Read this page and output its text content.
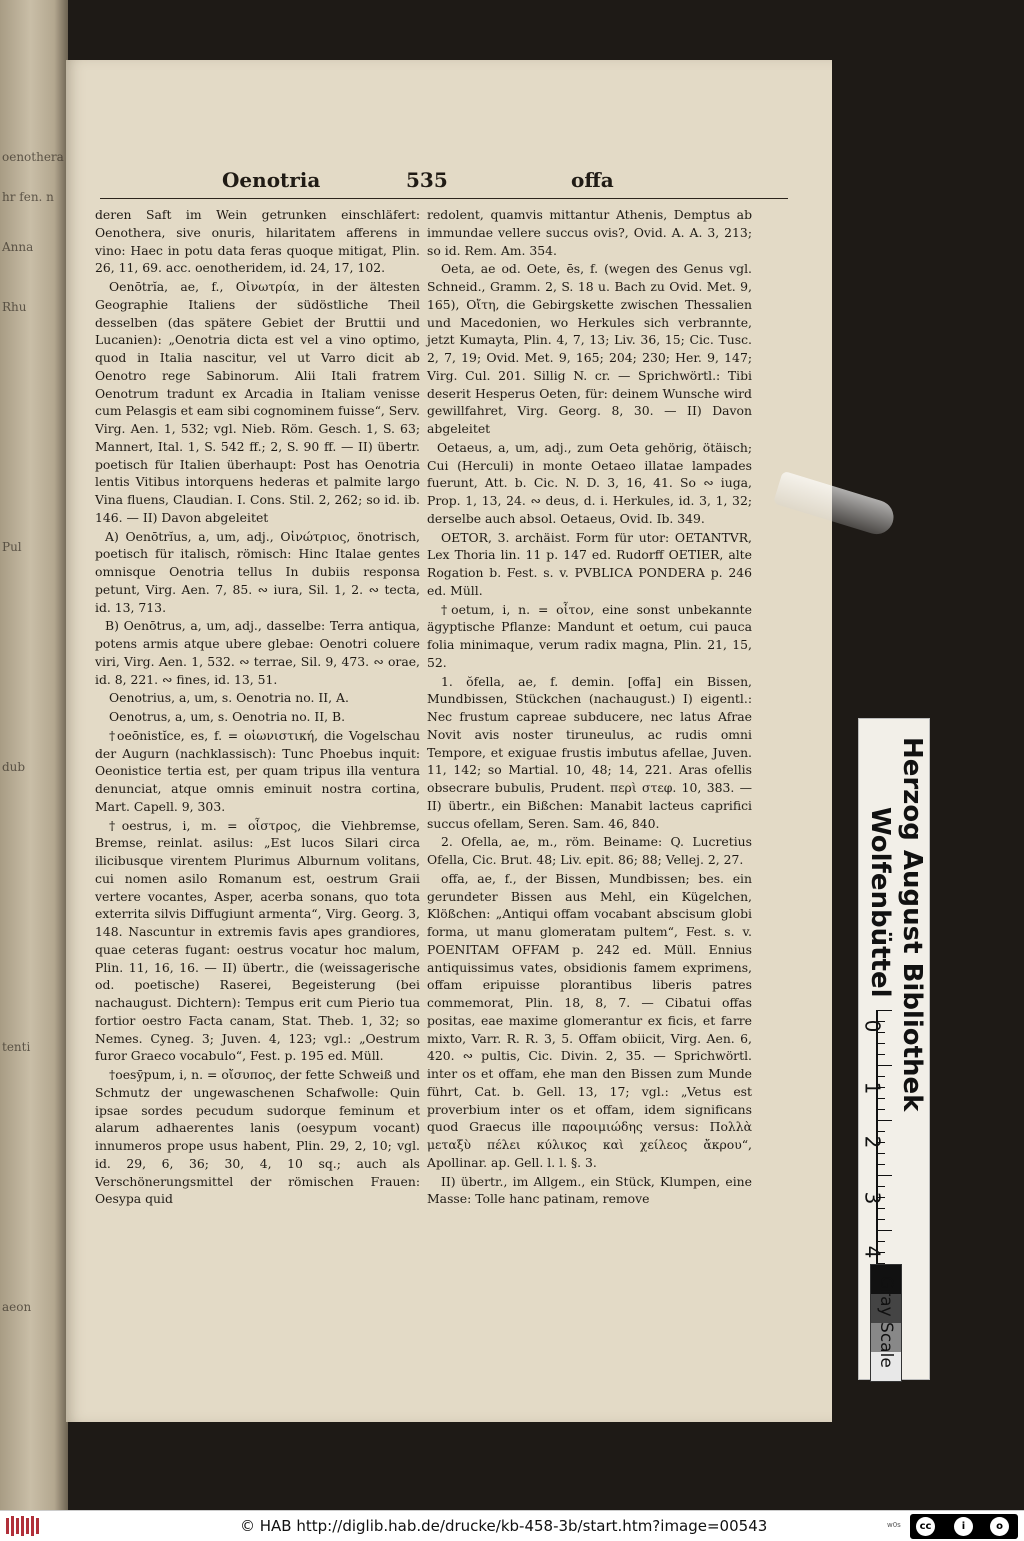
oenothera
hr fen. n
Anna
Rhu
Pul
dub
tenti
aeon
Oenotria	535	offa

deren Saft im Wein getrunken einschläfert: Oenothera, sive onuris, hilaritatem afferens in vino: Haec in potu data feras quoque mitigat, Plin. 26, 11, 69. acc. oenotheridem, id. 24, 17, 102.

Oenōtrĭa, ae, f., Οἰνωτρία, in der ältesten Geographie Italiens der südöstliche Theil desselben (das spätere Gebiet der Bruttii und Lucanien): „Oenotria dicta est vel a vino optimo, quod in Italia nascitur, vel ut Varro dicit ab Oenotro rege Sabinorum. Alii Itali fratrem Oenotrum tradunt ex Arcadia in Italiam venisse cum Pelasgis et eam sibi cognominem fuisse“, Serv. Virg. Aen. 1, 532; vgl. Nieb. Röm. Gesch. 1, S. 63; Mannert, Ital. 1, S. 542 ff.; 2, S. 90 ff. — II) übertr. poetisch für Italien überhaupt: Post has Oenotria lentis Vitibus intorquens hederas et palmite largo Vina fluens, Claudian. I. Cons. Stil. 2, 262; so id. ib. 146. — II) Davon abgeleitet

A) Oenōtrĭus, a, um, adj., Οἰνώτριος, önotrisch, poetisch für italisch, römisch: Hinc Italae gentes omnisque Oenotria tellus In dubiis responsa petunt, Virg. Aen. 7, 85. ∾ iura, Sil. 1, 2. ∾ tecta, id. 13, 713.

B) Oenōtrus, a, um, adj., dasselbe: Terra antiqua, potens armis atque ubere glebae: Oenotri coluere viri, Virg. Aen. 1, 532. ∾ terrae, Sil. 9, 473. ∾ orae, id. 8, 221. ∾ fines, id. 13, 51.

Oenotrius, a, um, s. Oenotria no. II, A.

Oenotrus, a, um, s. Oenotria no. II, B.

†oeōnistĭce, es, f. = οἰωνιστική, die Vogelschau der Augurn (nachklassisch): Tunc Phoebus inquit: Oeonistice tertia est, per quam tripus illa ventura denunciat, atque omnis eminuit nostra cortina, Mart. Capell. 9, 303.

†oestrus, i, m. = οἶστρος, die Viehbremse, Bremse, reinlat. asilus: „Est lucos Silari circa ilicibusque virentem Plurimus Alburnum volitans, cui nomen asilo Romanum est, oestrum Graii vertere vocantes, Asper, acerba sonans, quo tota exterrita silvis Diffugiunt armenta“, Virg. Georg. 3, 148. Nascuntur in extremis favis apes grandiores, quae ceteras fugant: oestrus vocatur hoc malum, Plin. 11, 16, 16. — II) übertr., die (weissagerische od. poetische) Raserei, Begeisterung (bei nachaugust. Dichtern): Tempus erit cum Pierio tua fortior oestro Facta canam, Stat. Theb. 1, 32; so Nemes. Cyneg. 3; Juven. 4, 123; vgl.: „Oestrum furor Graeco vocabulo“, Fest. p. 195 ed. Müll.

†oesӯpum, i, n. = οἴσυπος, der fette Schweiß und Schmutz der ungewaschenen Schafwolle: Quin ipsae sordes pecudum sudorque feminum et alarum adhaerentes lanis (oesypum vocant) innumeros prope usus habent, Plin. 29, 2, 10; vgl. id. 29, 6, 36; 30, 4, 10 sq.; auch als Verschönerungsmittel der römischen Frauen: Oesypa quid

redolent, quamvis mittantur Athenis, Demptus ab immundae vellere succus ovis?, Ovid. A. A. 3, 213; so id. Rem. Am. 354.

Oeta, ae od. Oete, ēs, f. (wegen des Genus vgl. Schneid., Gramm. 2, S. 18 u. Bach zu Ovid. Met. 9, 165), Οἴτη, die Gebirgskette zwischen Thessalien und Macedonien, wo Herkules sich verbrannte, jetzt Kumayta, Plin. 4, 7, 13; Liv. 36, 15; Cic. Tusc. 2, 7, 19; Ovid. Met. 9, 165; 204; 230; Her. 9, 147; Virg. Cul. 201. Sillig N. cr. — Sprichwörtl.: Tibi deserit Hesperus Oeten, für: deinem Wunsche wird gewillfahret, Virg. Georg. 8, 30. — II) Davon abgeleitet

Oetaeus, a, um, adj., zum Oeta gehörig, ötäisch; Cui (Herculi) in monte Oetaeo illatae lampades fuerunt, Att. b. Cic. N. D. 3, 16, 41. So ∾ iuga, Prop. 1, 13, 24. ∾ deus, d. i. Herkules, id. 3, 1, 32; derselbe auch absol. Oetaeus, Ovid. Ib. 349.

OETOR, 3. archäist. Form für utor: OETANTVR, Lex Thoria lin. 11 p. 147 ed. Rudorff OETIER, alte Rogation b. Fest. s. v. PVBLICA PONDERA p. 246 ed. Müll.

†oetum, i, n. = οἶτον, eine sonst unbekannte ägyptische Pflanze: Mandunt et oetum, cui pauca folia minimaque, verum radix magna, Plin. 21, 15, 52.

1. ŏfella, ae, f. demin. [offa] ein Bissen, Mundbissen, Stückchen (nachaugust.) I) eigentl.: Nec frustum capreae subducere, nec latus Afrae Novit avis noster tiruneulus, ac rudis omni Tempore, et exiguae frustis imbutus afellae, Juven. 11, 142; so Martial. 10, 48; 14, 221. Aras ofellis obsecrare bubulis, Prudent. περὶ στεφ. 10, 383. — II) übertr., ein Bißchen: Manabit lacteus caprifici succus ofellam, Seren. Sam. 46, 840.

2. Ofella, ae, m., röm. Beiname: Q. Lucretius Ofella, Cic. Brut. 48; Liv. epit. 86; 88; Vellej. 2, 27.

offa, ae, f., der Bissen, Mundbissen; bes. ein gerundeter Bissen aus Mehl, ein Kügelchen, Klößchen: „Antiqui offam vocabant abscisum globi forma, ut manu glomeratam pultem“, Fest. s. v. POENITAM OFFAM p. 242 ed. Müll. Ennius antiquissimus vates, obsidionis famem exprimens, offam eripuisse plorantibus liberis patres commemorat, Plin. 18, 8, 7. — Cibatui offas positas, eae maxime glomerantur ex ficis, et farre mixto, Varr. R. R. 3, 5. Offam obiicit, Virg. Aen. 6, 420. ∾ pultis, Cic. Divin. 2, 35. — Sprichwörtl. inter os et offam, ehe man den Bissen zum Munde führt, Cat. b. Gell. 13, 17; vgl.: „Vetus est proverbium inter os et offam, idem significans quod Graecus ille παροιμιώδης versus: Πολλὰ μεταξὺ πέλει κύλικος καὶ χείλεος ἄκρου“, Apollinar. ap. Gell. l. l. §. 3.

II) übertr., im Allgem., ein Stück, Klumpen, eine Masse: Tolle hanc patinam, remove

Herzog August Bibliothek
Wolfenbüttel
0
1
2
3
4
Gray Scale
© HAB http://diglib.hab.de/drucke/kb-458-3b/start.htm?image=00543	w0s	cc	i	o
